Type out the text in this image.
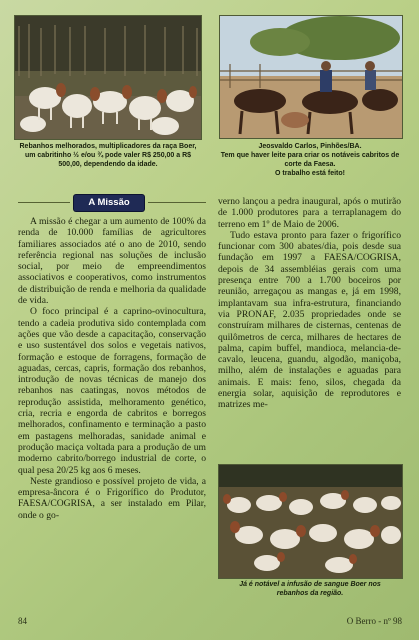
Rebanhos melhorados, multiplicadores da raça Boer, um cabritinho ½ e/ou ¾ pode valer R$ 250,00 a R$ 500,00, dependendo da idade.
Jeosvaldo Carlos, Pinhões/BA.
Tem que haver leite para criar os notáveis cabritos de corte da Faesa.
O trabalho está feito!
A Missão

A missão é chegar a um aumento de 100% da renda de 10.000 famílias de agricultores familiares associados até o ano de 2010, sendo referência regional nas soluções de inclusão social, por meio de empreendimentos associativos e cooperativos, como instrumentos de distribuição de renda e melhoria da qualidade de vida.

O foco principal é a caprino-ovinocultura, tendo a cadeia produtiva sido contemplada com ações que vão desde a capacitação, conservação e uso sustentável dos solos e vegetais nativos, formação e estoque de forragens, formação de aguadas, cercas, capris, formação dos rebanhos, introdução de novas técnicas de manejo dos rebanhos nas caatingas, novos métodos de reprodução assistida, melhoramento genético, cria, recria e engorda de cabritos e borregos melhorados, confinamento e terminação a pasto em pastagens melhoradas, sanidade animal e produção maciça voltada para a produção de um moderno cabrito/borrego industrial de corte, o qual pesa 20/25 kg aos 6 meses.

Neste grandioso e possível projeto de vida, a empresa-âncora é o Frigorífico do Produtor, FAESA/COGRISA, a ser instalado em Pilar, onde o go-

verno lançou a pedra inaugural, após o mutirão de 1.000 produtores para a terraplanagem do terreno em 1º de Maio de 2006.

Tudo estava pronto para fazer o frigorífico funcionar com 300 abates/dia, pois desde sua fundação em 1997 a FAESA/COGRISA, depois de 34 assembléias gerais com uma presença entre 700 a 1.700 boceiros por reunião, arregaçou as mangas e, já em 1998, implantavam sua infra-estrutura, financiando via PRONAF, 2.035 propriedades onde se construíram milhares de cisternas, centenas de quilômetros de cerca, milhares de hectares de palma, capim buffel, mandioca, melancia-de-cavalo, leucena, guandu, algodão, maniçoba, milho, além de instalações e aguadas para animais. E mais: feno, silos, chegada da energia solar, aquisição de reprodutores e matrizes me-

Já é notável a infusão de sangue Boer nos rebanhos da região.
84	O Berro - nº 98
